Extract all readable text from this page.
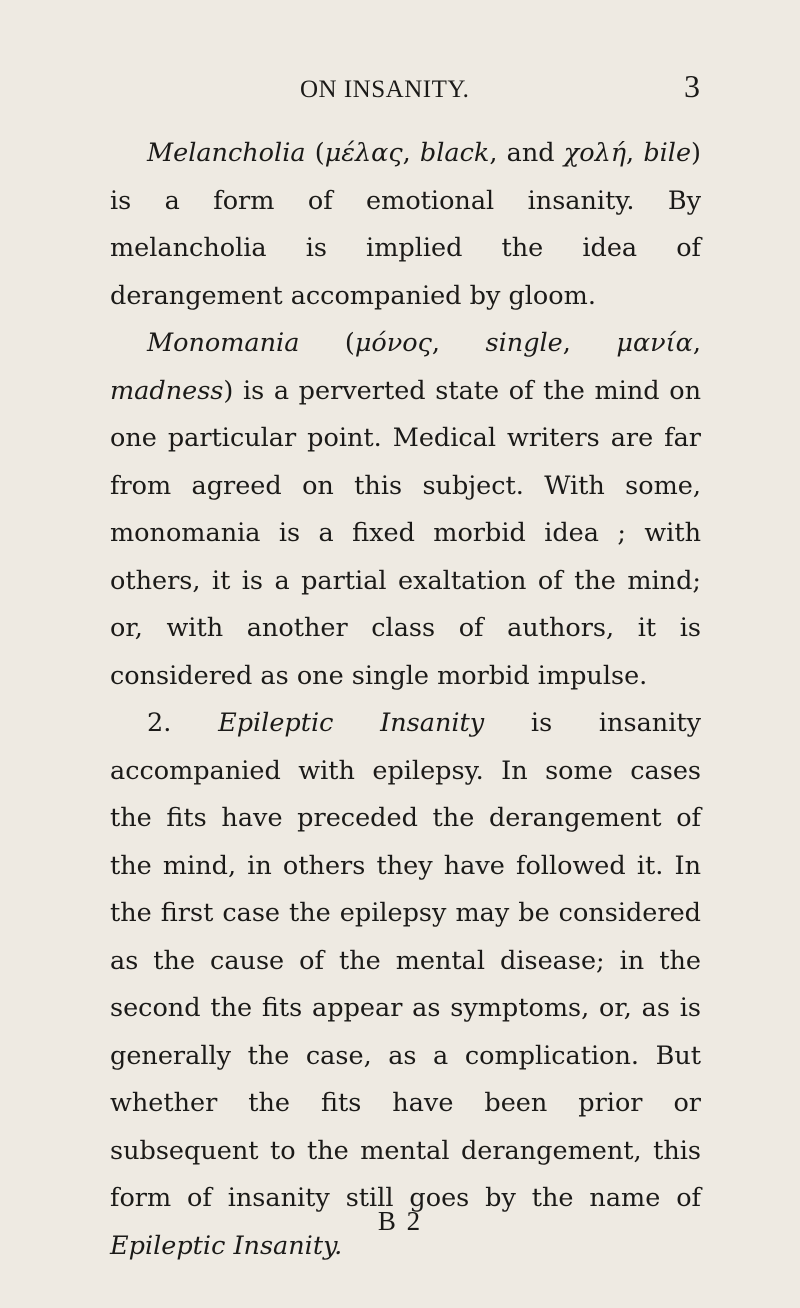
ON INSANITY.	3

Melancholia (μέλας, black, and χολή, bile) is a form of emotional insanity. By melancholia is implied the idea of derangement accompanied by gloom.

Monomania (μόνος, single, μανία, madness) is a perverted state of the mind on one particular point. Medical writers are far from agreed on this subject. With some, monomania is a fixed morbid idea ; with others, it is a partial exaltation of the mind; or, with another class of authors, it is considered as one single morbid impulse.

2. Epileptic Insanity is insanity accompanied with epilepsy. In some cases the fits have preceded the derangement of the mind, in others they have followed it. In the first case the epilepsy may be considered as the cause of the mental disease; in the second the fits appear as symptoms, or, as is generally the case, as a complication. But whether the fits have been prior or subsequent to the mental derangement, this form of insanity still goes by the name of Epileptic Insanity.

B 2
